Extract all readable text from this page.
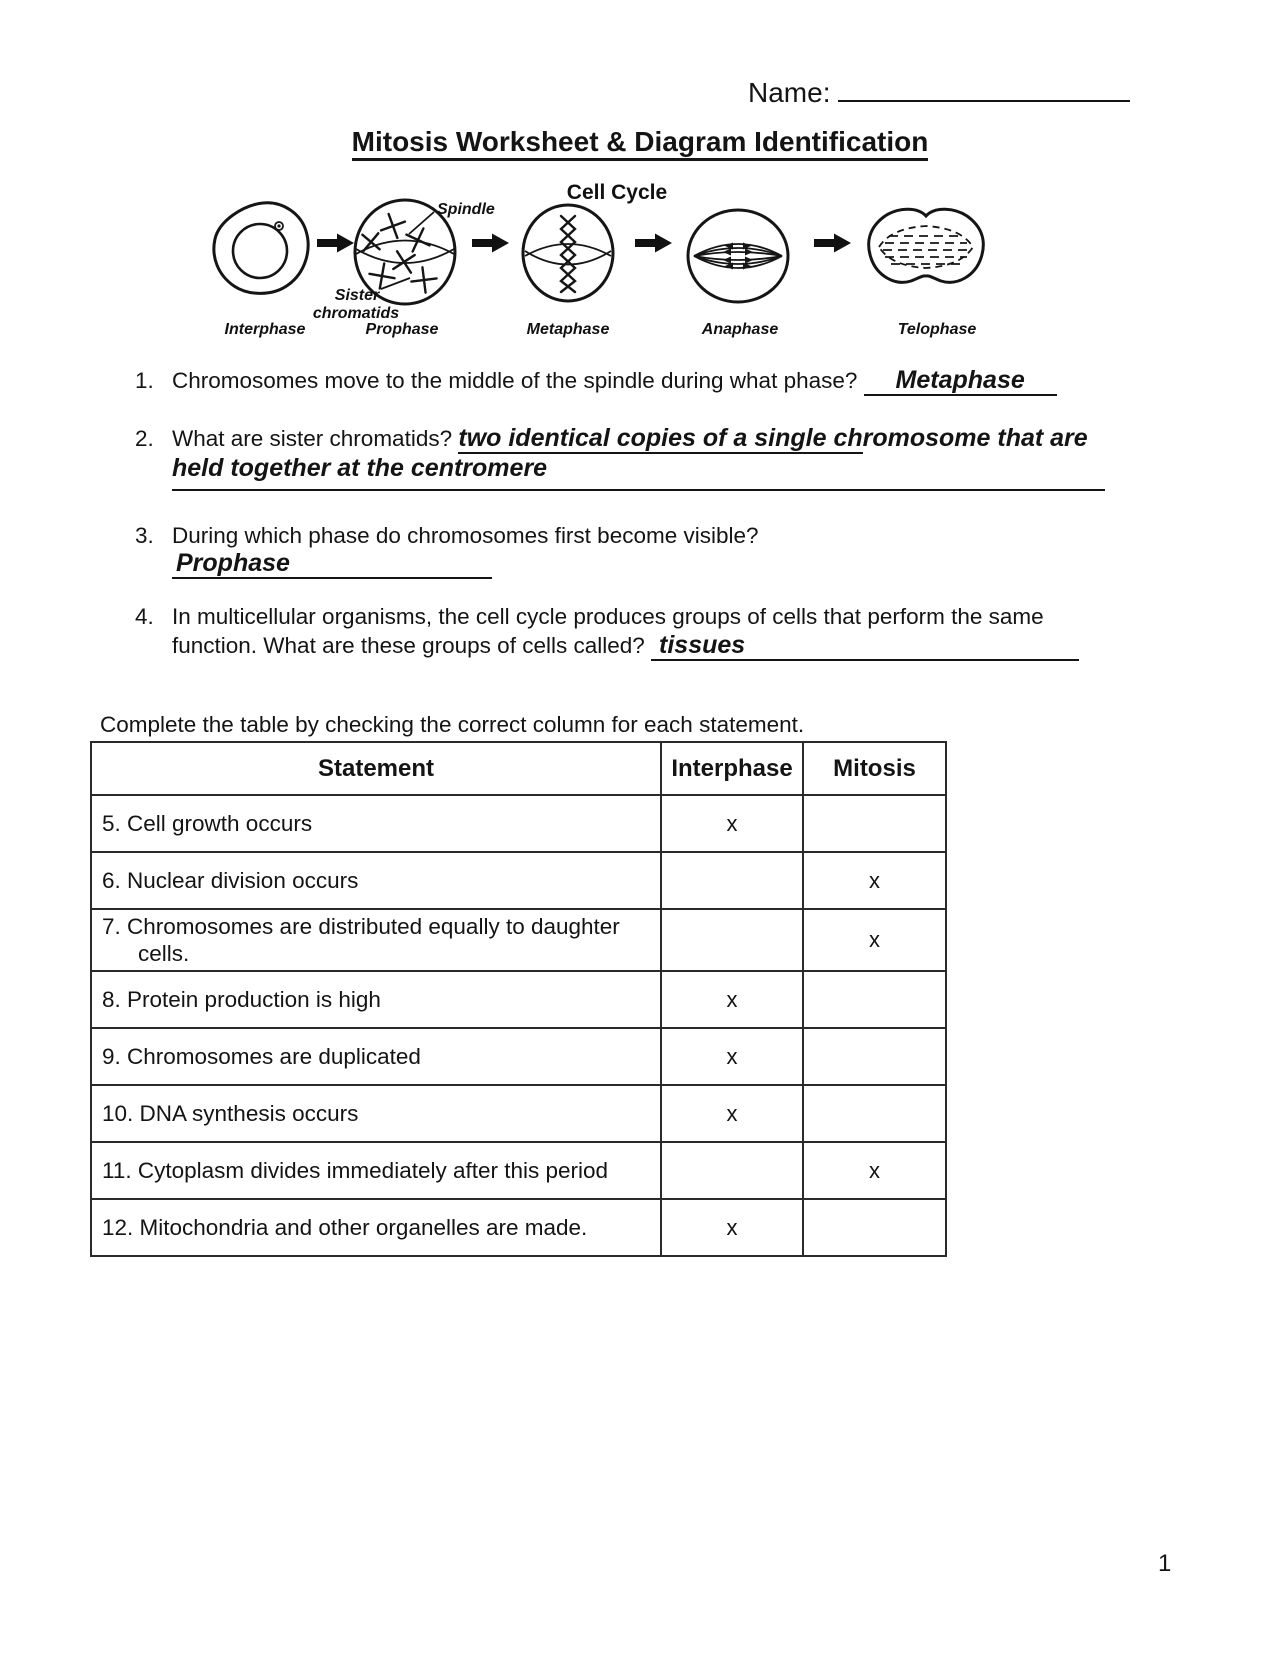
Name:
Mitosis Worksheet & Diagram Identification
Cell Cycle
Spindle
Sister
chromatids
Interphase	Prophase	Metaphase	Anaphase	Telophase
1. Chromosomes move to the middle of the spindle during what phase? Metaphase
2. What are sister chromatids? two identical copies of a single chromosome that are
held together at the centromere
3. During which phase do chromosomes first become visible?
Prophase
4. In multicellular organisms, the cell cycle produces groups of cells that perform the same
function. What are these groups of cells called? tissues
Complete the table by checking the correct column for each statement.
Statement	Interphase	Mitosis
5. Cell growth occurs	x	
6. Nuclear division occurs		x
7. Chromosomes are distributed equally to daughter cells.		x
8. Protein production is high	x	
9. Chromosomes are duplicated	x	
10. DNA synthesis occurs	x	
11. Cytoplasm divides immediately after this period		x
12. Mitochondria and other organelles are made.	x	
1
